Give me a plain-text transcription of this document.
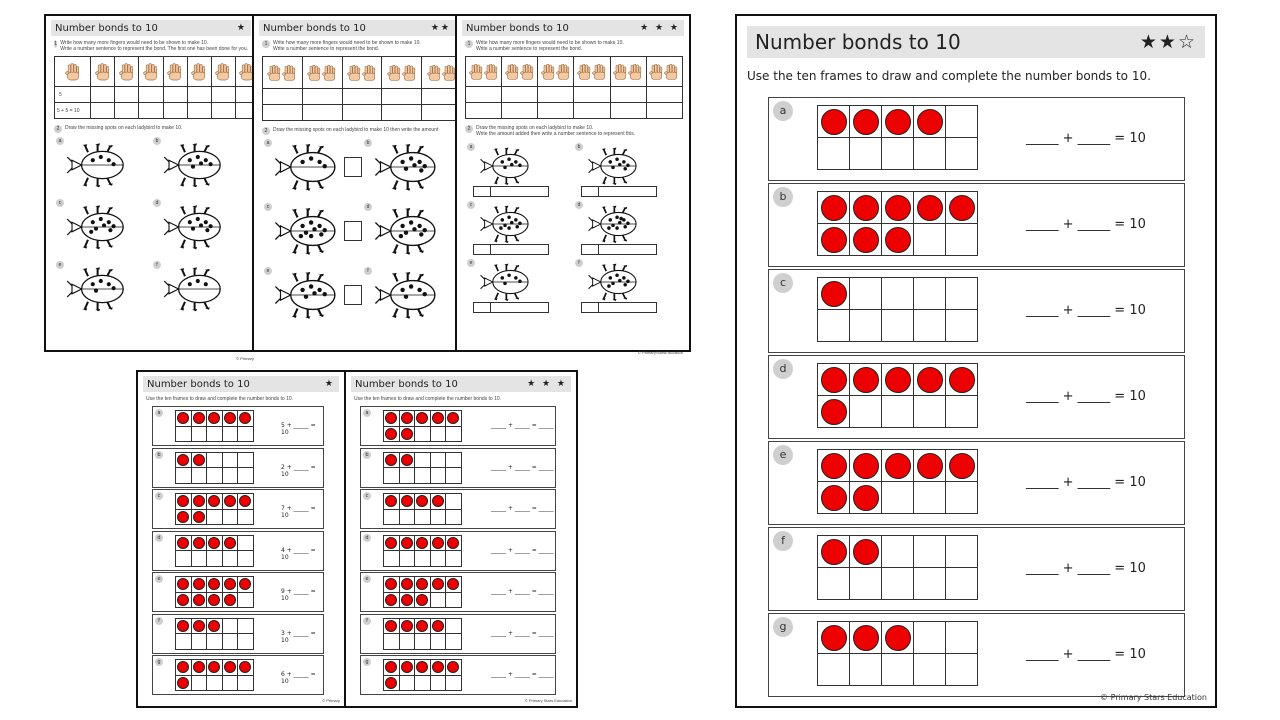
Number bonds to 10	★
1 Write how many more fingers would need to be shown to make 10.
Write a number sentence to represent the bond. The first one has been done for you.

5							
5 + 5 = 10							
2	Draw the missing spots on each ladybird to make 10.
a	b
c	d
e	f
© Primary
Number bonds to 10	★★
1	Write how many more fingers would need to be shown to make 10.
Write a number sentence to represent the bond.

2	Draw the missing spots on each ladybird to make 10 then write the amount
a	b
c	d
e	f
Number bonds to 10	★ ★ ★
1	Write how many more fingers would need to be shown to make 10.
Write a number sentence to represent the bond.

2	Draw the missing spots on each ladybird to make 10.
Write the amount added then write a number sentence to represent this.
a	b
c	d
e	f
© PrimaryStarsEducation
Number bonds to 10	★
Use the ten frames to draw and complete the number bonds to 10.
a

5 + _____ = 10
b

2 + _____ = 10
c

7 + _____ = 10
d

4 + _____ = 10
e

9 + _____ = 10
f

3 + _____ = 10
g

6 + _____ = 10
© Primary
Number bonds to 10	★ ★ ★
Use the ten frames to draw and complete the number bonds to 10.
a

_____ + _____ = _____
b

_____ + _____ = _____
c

_____ + _____ = _____
d

_____ + _____ = _____
e

_____ + _____ = _____
f

_____ + _____ = _____
g

_____ + _____ = _____
© Primary Stars Education
Number bonds to 10	★★☆
Use the ten frames to draw and complete the number bonds to 10.
a

_____ + _____ = 10
b

_____ + _____ = 10
c

_____ + _____ = 10
d

_____ + _____ = 10
e

_____ + _____ = 10
f

_____ + _____ = 10
g

_____ + _____ = 10
© Primary Stars Education
